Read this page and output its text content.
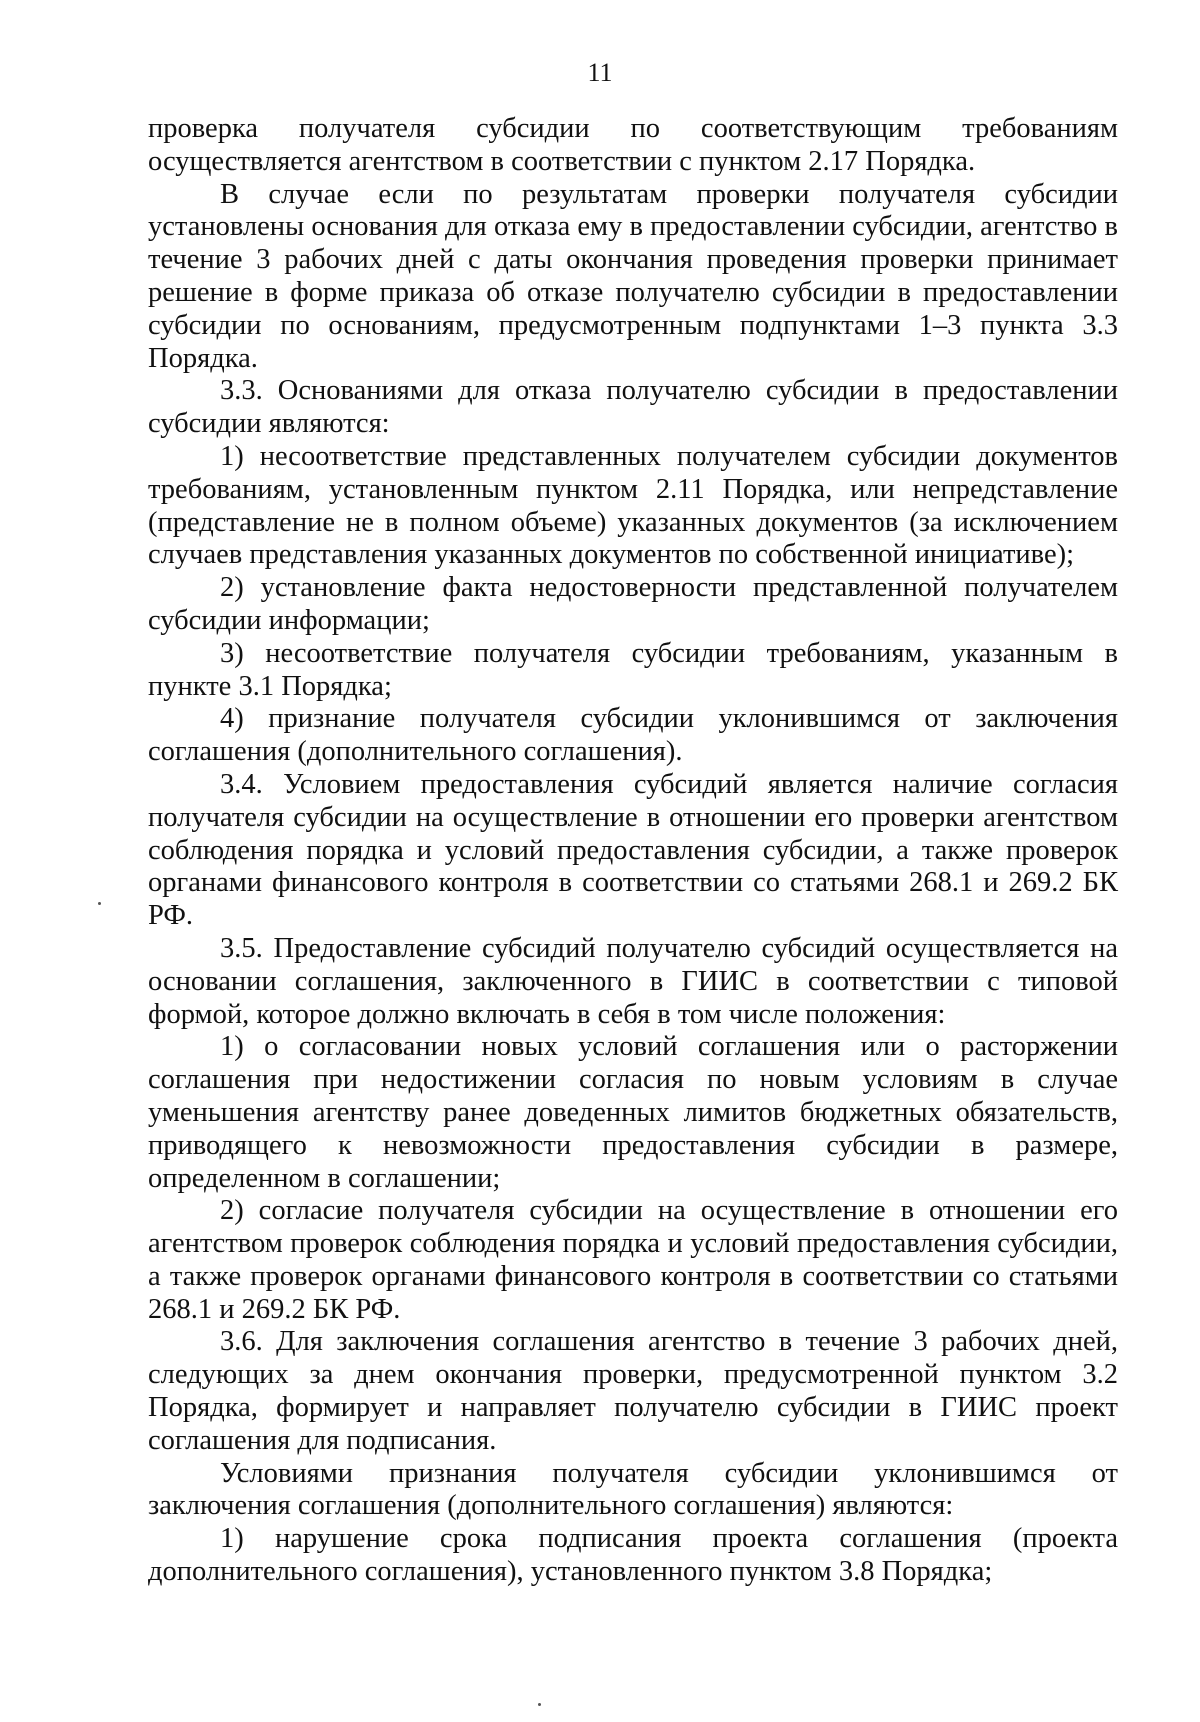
11

проверка получателя субсидии по соответствующим требованиям осуществляется агентством в соответствии с пунктом 2.17 Порядка.

В случае если по результатам проверки получателя субсидии установлены основания для отказа ему в предоставлении субсидии, агентство в течение 3 рабочих дней с даты окончания проведения проверки принимает решение в форме приказа об отказе получателю субсидии в предоставлении субсидии по основаниям, предусмотренным подпунктами 1–3 пункта 3.3 Порядка.

3.3. Основаниями для отказа получателю субсидии в предоставлении субсидии являются:

1) несоответствие представленных получателем субсидии документов требованиям, установленным пунктом 2.11 Порядка, или непредставление (представление не в полном объеме) указанных документов (за исключением случаев представления указанных документов по собственной инициативе);

2) установление факта недостоверности представленной получателем субсидии информации;

3) несоответствие получателя субсидии требованиям, указанным в пункте 3.1 Порядка;

4) признание получателя субсидии уклонившимся от заключения соглашения (дополнительного соглашения).

3.4. Условием предоставления субсидий является наличие согласия получателя субсидии на осуществление в отношении его проверки агентством соблюдения порядка и условий предоставления субсидии, а также проверок органами финансового контроля в соответствии со статьями 268.1 и 269.2 БК РФ.

3.5. Предоставление субсидий получателю субсидий осуществляется на основании соглашения, заключенного в ГИИС в соответствии с типовой формой, которое должно включать в себя в том числе положения:

1) о согласовании новых условий соглашения или о расторжении соглашения при недостижении согласия по новым условиям в случае уменьшения агентству ранее доведенных лимитов бюджетных обязательств, приводящего к невозможности предоставления субсидии в размере, определенном в соглашении;

2) согласие получателя субсидии на осуществление в отношении его агентством проверок соблюдения порядка и условий предоставления субсидии, а также проверок органами финансового контроля в соответствии со статьями 268.1 и 269.2 БК РФ.

3.6. Для заключения соглашения агентство в течение 3 рабочих дней, следующих за днем окончания проверки, предусмотренной пунктом 3.2 Порядка, формирует и направляет получателю субсидии в ГИИС проект соглашения для подписания.

Условиями признания получателя субсидии уклонившимся от заключения соглашения (дополнительного соглашения) являются:

1) нарушение срока подписания проекта соглашения (проекта дополнительного соглашения), установленного пунктом 3.8 Порядка;
